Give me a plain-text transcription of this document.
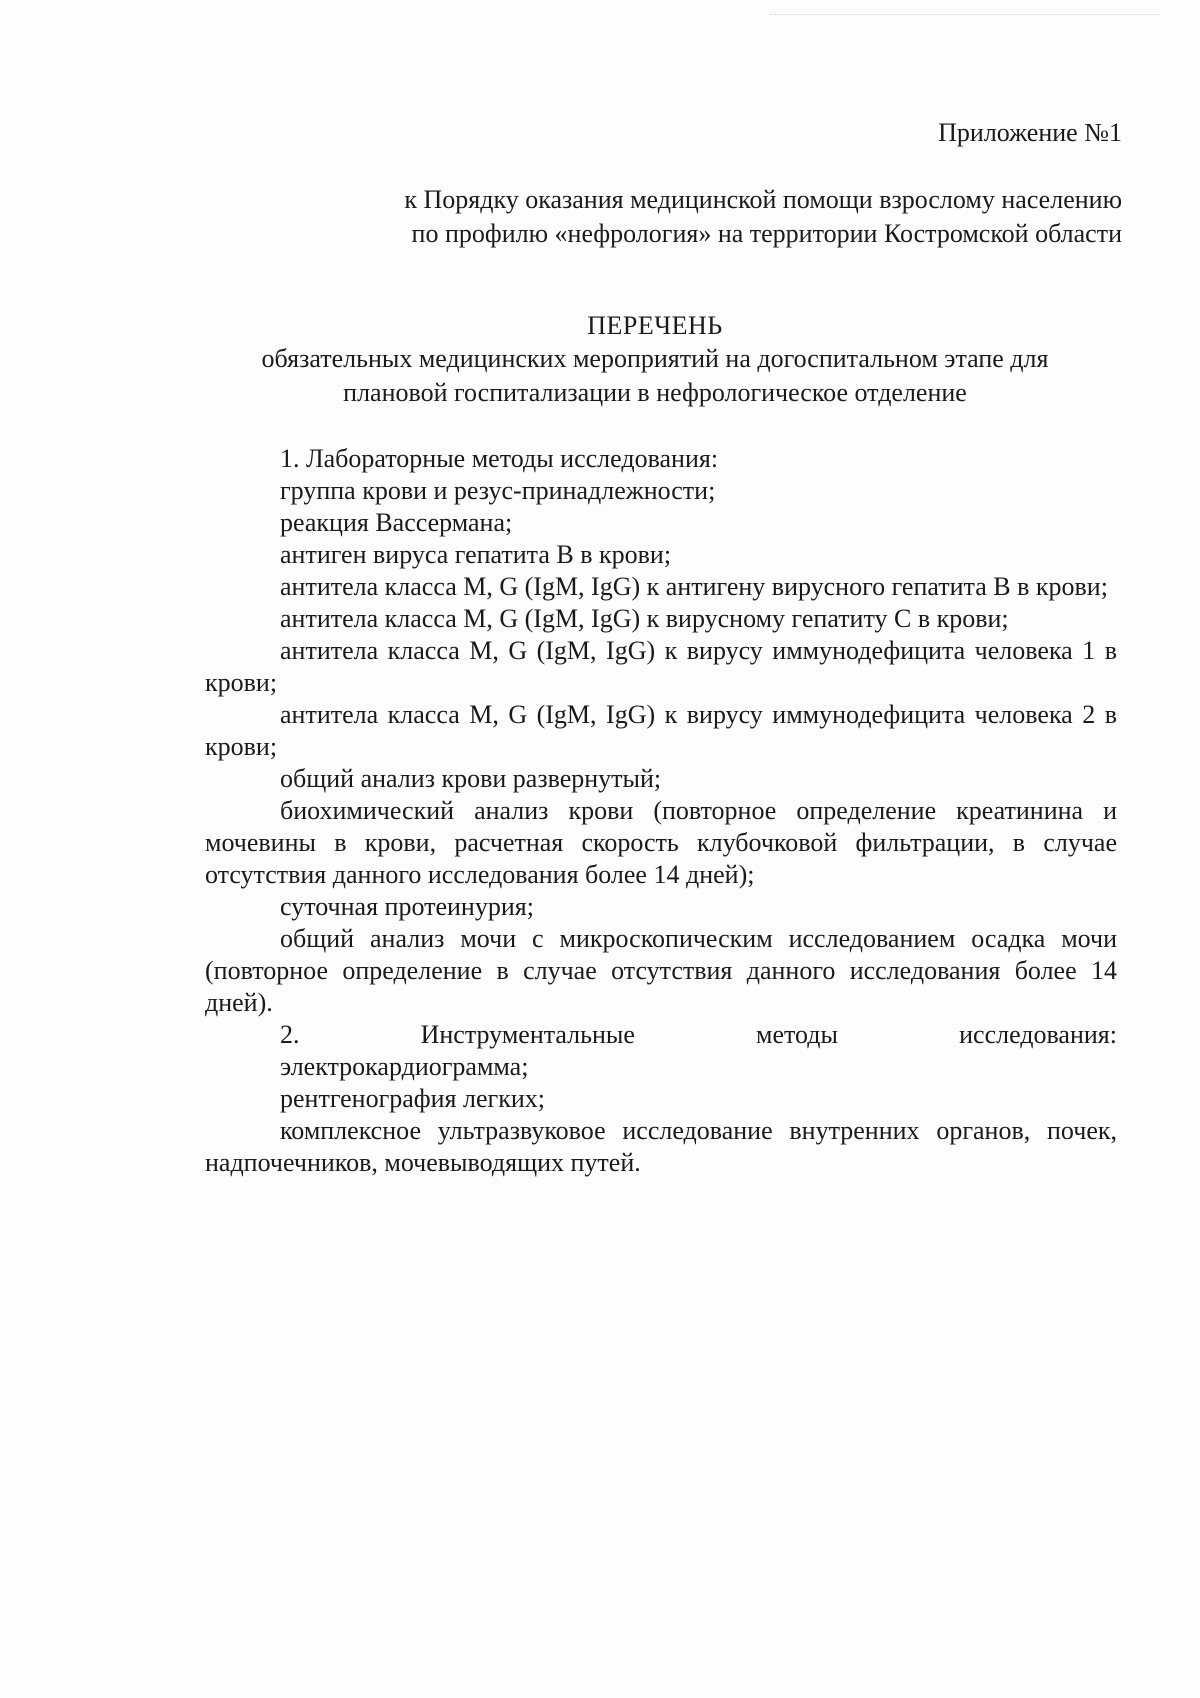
Приложение №1
к Порядку оказания медицинской помощи взрослому населению
по профилю «нефрология» на территории Костромской области
ПЕРЕЧЕНЬ
обязательных медицинских мероприятий на догоспитальном этапе для
плановой госпитализации в нефрологическое отделение

1. Лабораторные методы исследования:

группа крови и резус-принадлежности;

реакция Вассермана;

антиген вируса гепатита В в крови;

антитела класса M, G (IgM, IgG) к антигену вирусного гепатита B в крови;

антитела класса M, G (IgM, IgG) к вирусному гепатиту C в крови;

антитела класса M, G (IgM, IgG) к вирусу иммунодефицита человека 1 в крови;

антитела класса M, G (IgM, IgG) к вирусу иммунодефицита человека 2 в крови;

общий анализ крови развернутый;

биохимический анализ крови (повторное определение креатинина и мочевины в крови, расчетная скорость клубочковой фильтрации, в случае отсутствия данного исследования более 14 дней);

суточная протеинурия;

общий анализ мочи с микроскопическим исследованием осадка мочи (повторное определение в случае отсутствия данного исследования более 14 дней).

2. Инструментальные методы исследования:

электрокардиограмма;

рентгенография легких;

комплексное ультразвуковое исследование внутренних органов, почек, надпочечников, мочевыводящих путей.
